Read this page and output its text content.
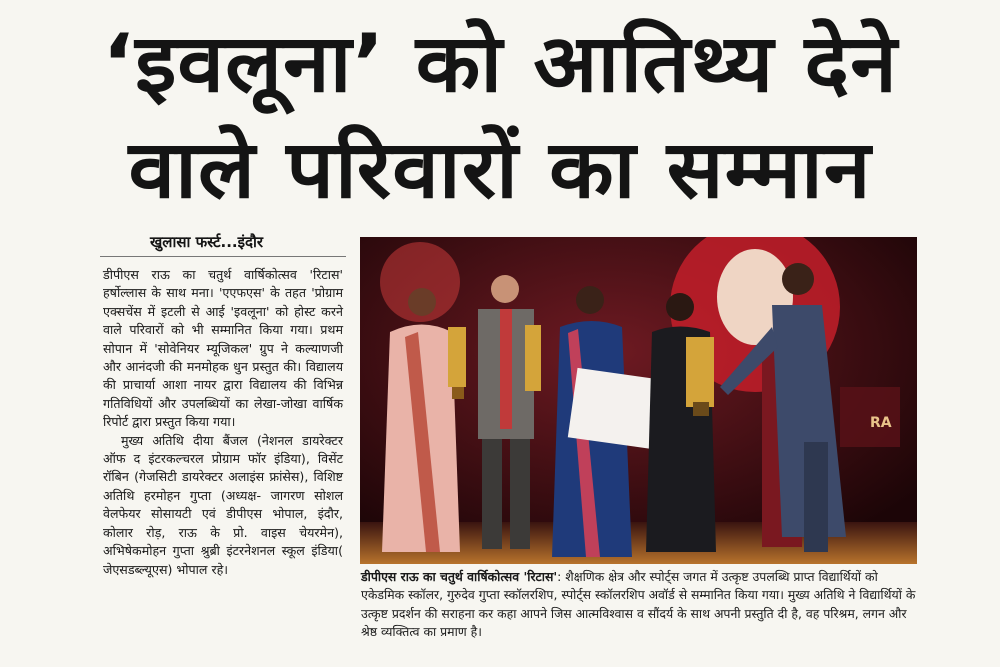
‘इवलूना’ को आतिथ्य देने
वाले परिवारों का सम्मान
खुलासा फर्स्ट...इंदौर

डीपीएस राऊ का चतुर्थ वार्षिकोत्सव 'रिटास' हर्षोल्लास के साथ मना। 'एएफएस' के तहत 'प्रोग्राम एक्सचेंस में इटली से आई 'इवलूना' को होस्ट करने वाले परिवारों को भी सम्मानित किया गया। प्रथम सोपान में 'सोवेनियर म्यूजिकल' ग्रुप ने कल्याणजी और आनंदजी की मनमोहक धुन प्रस्तुत की। विद्यालय की प्राचार्या आशा नायर द्वारा विद्यालय की विभिन्न गतिविधियों और उपलब्धियों का लेखा-जोखा वार्षिक रिपोर्ट द्वारा प्रस्तुत किया गया।

मुख्य अतिथि दीया बैंजल (नेशनल डायरेक्टर ऑफ द इंटरकल्चरल प्रोग्राम फॉर इंडिया), विसेंट रॉबिन (गेजसिटी डायरेक्टर अलाइंस फ्रांसेस), विशिष्ट अतिथि हरमोहन गुप्ता (अध्यक्ष- जागरण सोशल वेलफेयर सोसायटी एवं डीपीएस भोपाल, इंदौर, कोलार रोड़, राऊ के प्रो. वाइस चेयरमेन), अभिषेकमोहन गुप्ता श्रुब्री इंटरनेशनल स्कूल इंडिया( जेएसडब्ल्यूएस) भोपाल रहे।

RA
डीपीएस राऊ का चतुर्थ वार्षिकोत्सव 'रिटास': शैक्षणिक क्षेत्र और स्पोर्ट्स जगत में उत्कृष्ट उपलब्धि प्राप्त विद्यार्थियों को एकेडमिक स्कॉलर, गुरुदेव गुप्ता स्कॉलरशिप, स्पोर्ट्स स्कॉलरशिप अवॉर्ड से सम्मानित किया गया। मुख्य अतिथि ने विद्यार्थियों के उत्कृष्ट प्रदर्शन की सराहना कर कहा आपने जिस आत्मविश्वास व सौंदर्य के साथ अपनी प्रस्तुति दी है, वह परिश्रम, लगन और श्रेष्ठ व्यक्तित्व का प्रमाण है।
